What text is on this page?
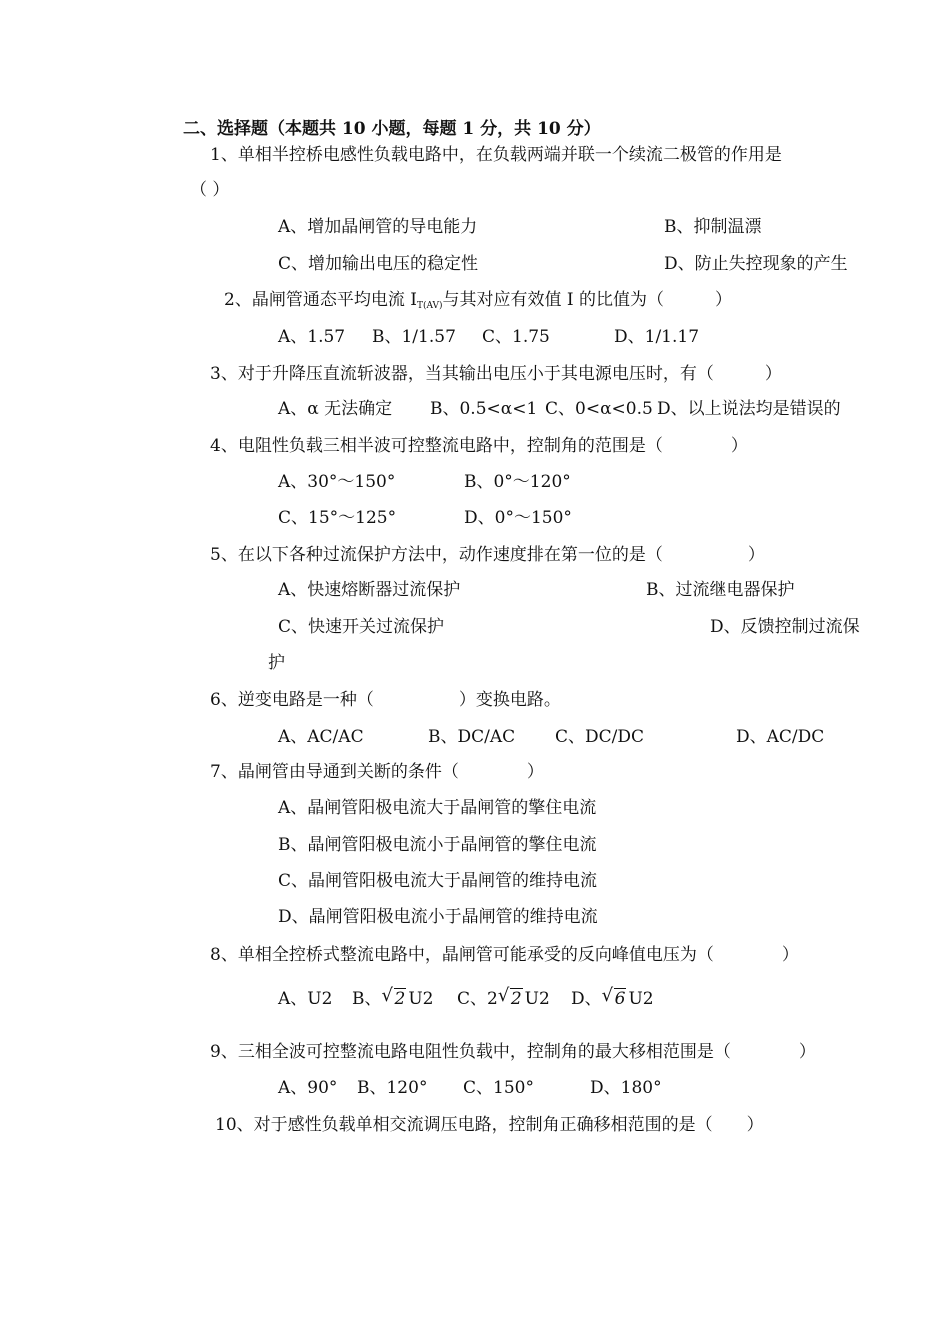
二、选择题（本题共 10 小题，每题 1 分，共 10 分）
1、单相半控桥电感性负载电路中，在负载两端并联一个续流二极管的作用是
（ ）
A、增加晶闸管的导电能力	B、抑制温漂
C、增加输出电压的稳定性	D、防止失控现象的产生
2、晶闸管通态平均电流 $I_{T(AV)}$与其对应有效值 I 的比值为（　　　）
A、1.57 B、1/1.57 C、1.75	D、1/1.17
3、对于升降压直流斩波器，当其输出电压小于其电源电压时，有（　　　）
A、α 无法确定 B、0.5<α<1 C、0<α<0.5 D、以上说法均是错误的
4、电阻性负载三相半波可控整流电路中，控制角的范围是（　　　　）
A、30°～150°	B、0°～120°
C、15°～125°	D、0°～150°
5、在以下各种过流保护方法中，动作速度排在第一位的是（　　　　　）
A、快速熔断器过流保护	B、过流继电器保护
C、快速开关过流保护	D、反馈控制过流保
护
6、逆变电路是一种（　　　　　）变换电路。
A、AC/AC	B、DC/AC C、DC/DC	D、AC/DC
7、晶闸管由导通到关断的条件（　　　　）
A、晶闸管阳极电流大于晶闸管的擎住电流
B、晶闸管阳极电流小于晶闸管的擎住电流
C、晶闸管阳极电流大于晶闸管的维持电流
D、晶闸管阳极电流小于晶闸管的维持电流
8、单相全控桥式整流电路中，晶闸管可能承受的反向峰值电压为（　　　　）
A、U2 B、 √ 2 U2 C、2 √ 2 U2 D、 √ 6 U2
9、三相全波可控整流电路电阻性负载中，控制角的最大移相范围是（　　　　）
A、90° B、120° C、150°	D、180°
10、对于感性负载单相交流调压电路，控制角正确移相范围的是（　　）
